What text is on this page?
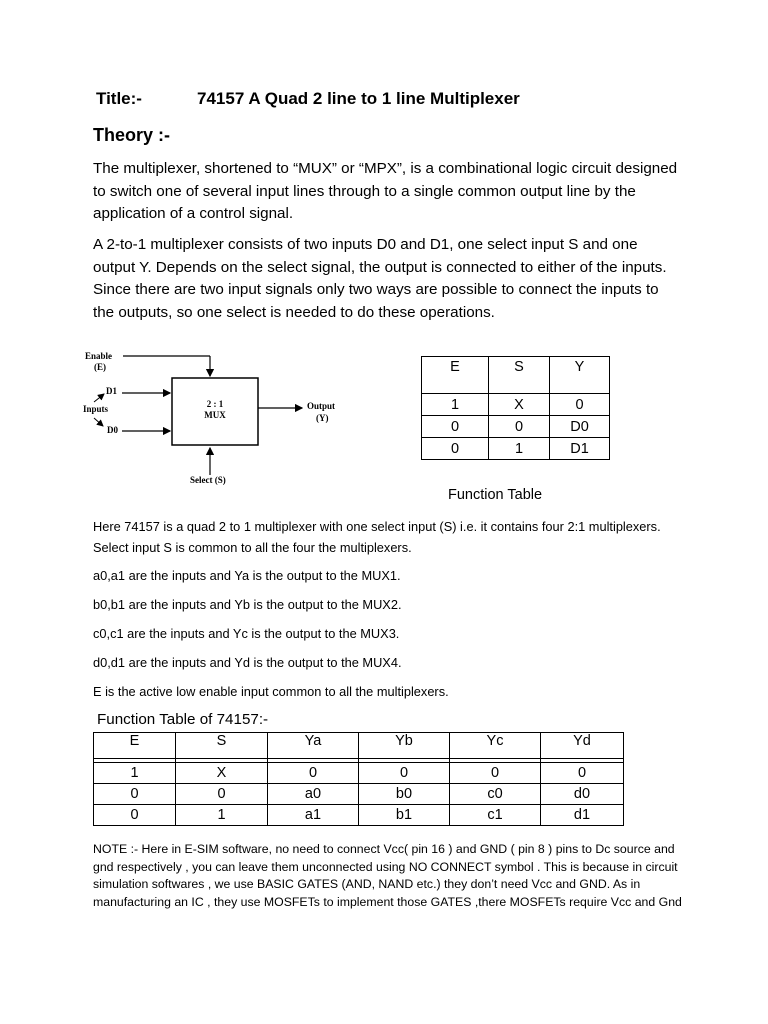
Title:-	74157 A Quad 2 line to 1 line Multiplexer
Theory :-
The multiplexer, shortened to “MUX” or “MPX”, is a combinational logic circuit designed to switch one of several input lines through to a single common output line by the application of a control signal.
A 2-to-1 multiplexer consists of two inputs D0 and D1, one select input S and one output Y. Depends on the select signal, the output is connected to either of the inputs. Since there are two input signals only two ways are possible to connect the inputs to the outputs, so one select is needed to do these operations.
Enable
(E)
D1
Inputs
D0
2 : 1
MUX
Output
(Y)
Select (S)
E	S	Y
1	X	0
0	0	D0
0	1	D1
Function Table
Here 74157 is a quad 2 to 1 multiplexer with one select input (S) i.e. it contains four 2:1 multiplexers. Select input S is common to all the four the multiplexers.
a0,a1 are the inputs and Ya is the output to the MUX1.
b0,b1 are the inputs and Yb is the output to the MUX2.
c0,c1 are the inputs and Yc is the output to the MUX3.
d0,d1 are the inputs and Yd is the output to the MUX4.
E is the active low enable input common to all the multiplexers.
Function Table of 74157:-
E	S	Ya	Yb	Yc	Yd

1	X	0	0	0	0
0	0	a0	b0	c0	d0
0	1	a1	b1	c1	d1
NOTE :- Here in E-SIM software, no need to connect Vcc( pin 16 ) and GND ( pin 8 ) pins to Dc source and gnd respectively , you can leave them unconnected using NO CONNECT symbol . This is because in circuit simulation softwares , we use BASIC GATES (AND, NAND etc.) they don’t need Vcc and GND. As in manufacturing an IC , they use MOSFETs to implement those GATES ,there MOSFETs require Vcc and Gnd
